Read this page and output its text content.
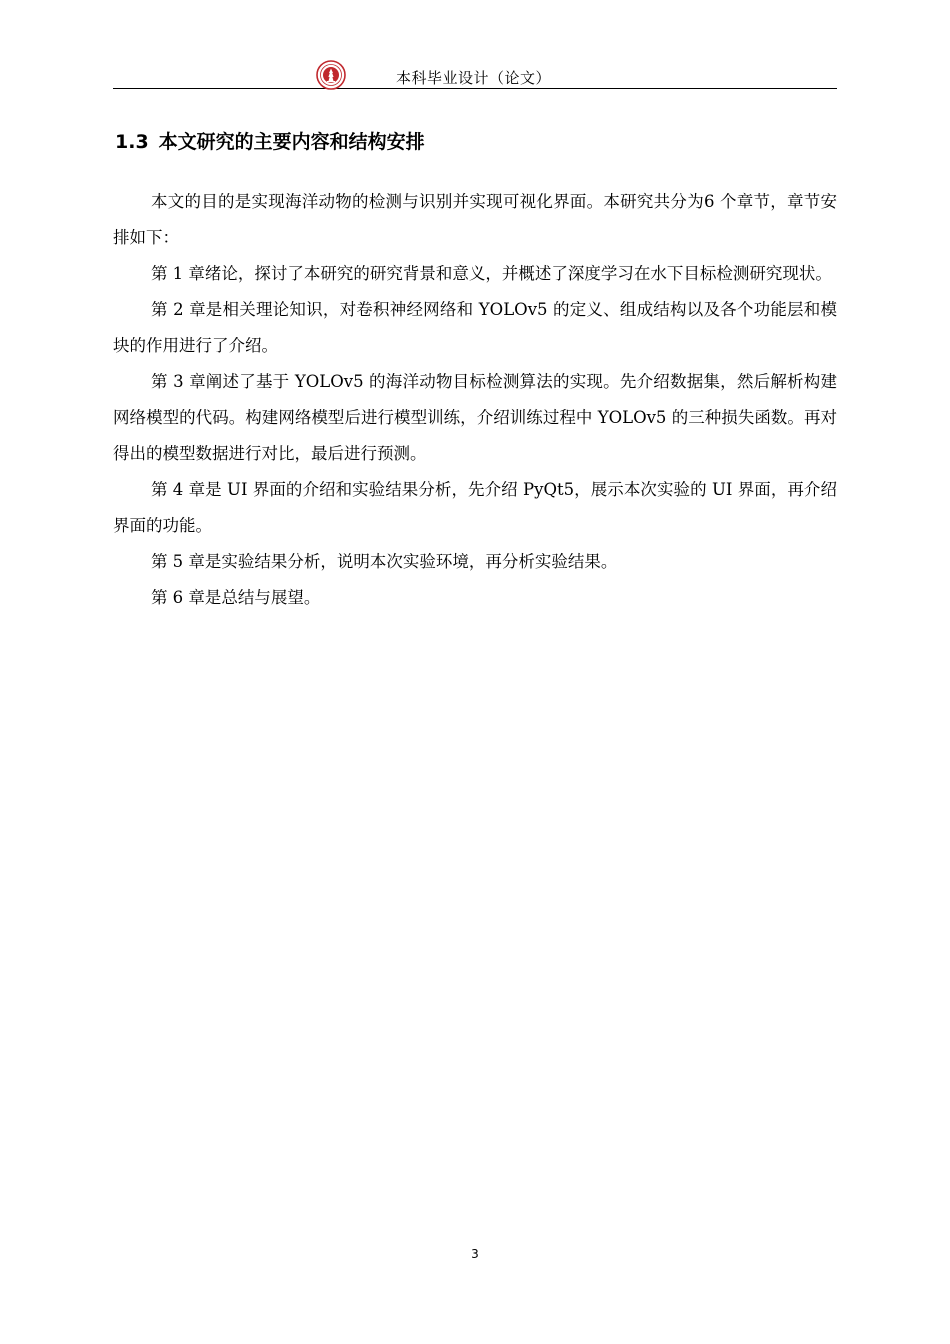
本科毕业设计（论文）
1.3 本文研究的主要内容和结构安排

本文的目的是实现海洋动物的检测与识别并实现可视化界面。本研究共分为6 个章节，章节安排如下：

第 1 章绪论，探讨了本研究的研究背景和意义，并概述了深度学习在水下目标检测研究现状。

第 2 章是相关理论知识，对卷积神经网络和 YOLOv5 的定义、组成结构以及各个功能层和模块的作用进行了介绍。

第 3 章阐述了基于 YOLOv5 的海洋动物目标检测算法的实现。先介绍数据集，然后解析构建网络模型的代码。构建网络模型后进行模型训练，介绍训练过程中 YOLOv5 的三种损失函数。再对得出的模型数据进行对比，最后进行预测。

第 4 章是 UI 界面的介绍和实验结果分析，先介绍 PyQt5，展示本次实验的 UI 界面，再介绍界面的功能。

第 5 章是实验结果分析，说明本次实验环境，再分析实验结果。

第 6 章是总结与展望。

3
